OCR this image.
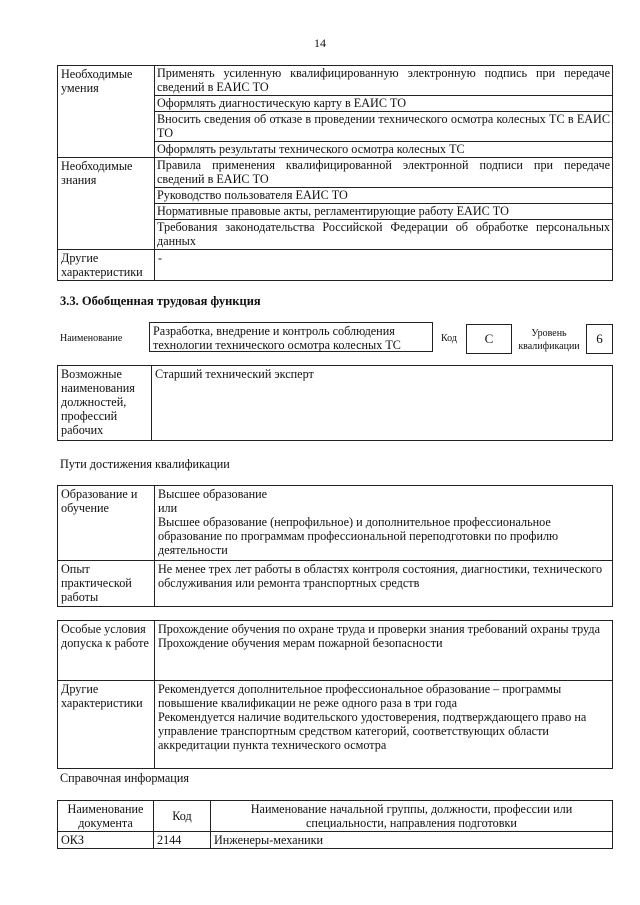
14
Необходимые умения	Применять усиленную квалифицированную электронную подпись при передаче сведений в ЕАИС ТО
Оформлять диагностическую карту в ЕАИС ТО
Вносить сведения об отказе в проведении технического осмотра колесных ТС в ЕАИС ТО
Оформлять результаты технического осмотра колесных ТС

Необходимые знания	Правила применения квалифицированной электронной подписи при передаче сведений в ЕАИС ТО
Руководство пользователя ЕАИС ТО
Нормативные правовые акты, регламентирующие работу ЕАИС ТО
Требования законодательства Российской Федерации об обработке персональных данных

Другие характеристики	-
3.3. Обобщенная трудовая функция
Наименование
Разработка, внедрение и контроль соблюдения технологии технического осмотра колесных ТС	Код	С	Уровень квалификации
6
Возможные наименования должностей, профессий рабочих	Старший технический эксперт
Пути достижения квалификации
Образование и обучение	Высшее образование
или
Высшее образование (непрофильное) и дополнительное профессиональное образование по программам профессиональной переподготовки по профилю деятельности

Опыт практической работы	Не менее трех лет работы в областях контроля состояния, диагностики, технического обслуживания или ремонта транспортных средств
Особые условия допуска к работе	Прохождение обучения по охране труда и проверки знания требований охраны труда
Прохождение обучения мерам пожарной безопасности

Другие характеристики	Рекомендуется дополнительное профессиональное образование – программы повышение квалификации не реже одного раза в три года
Рекомендуется наличие водительского удостоверения, подтверждающего право на управление транспортным средством категорий, соответствующих области аккредитации пункта технического осмотра
Справочная информация
Наименование документа	Код	Наименование начальной группы, должности, профессии или специальности, направления подготовки
ОКЗ	2144	Инженеры-механики
